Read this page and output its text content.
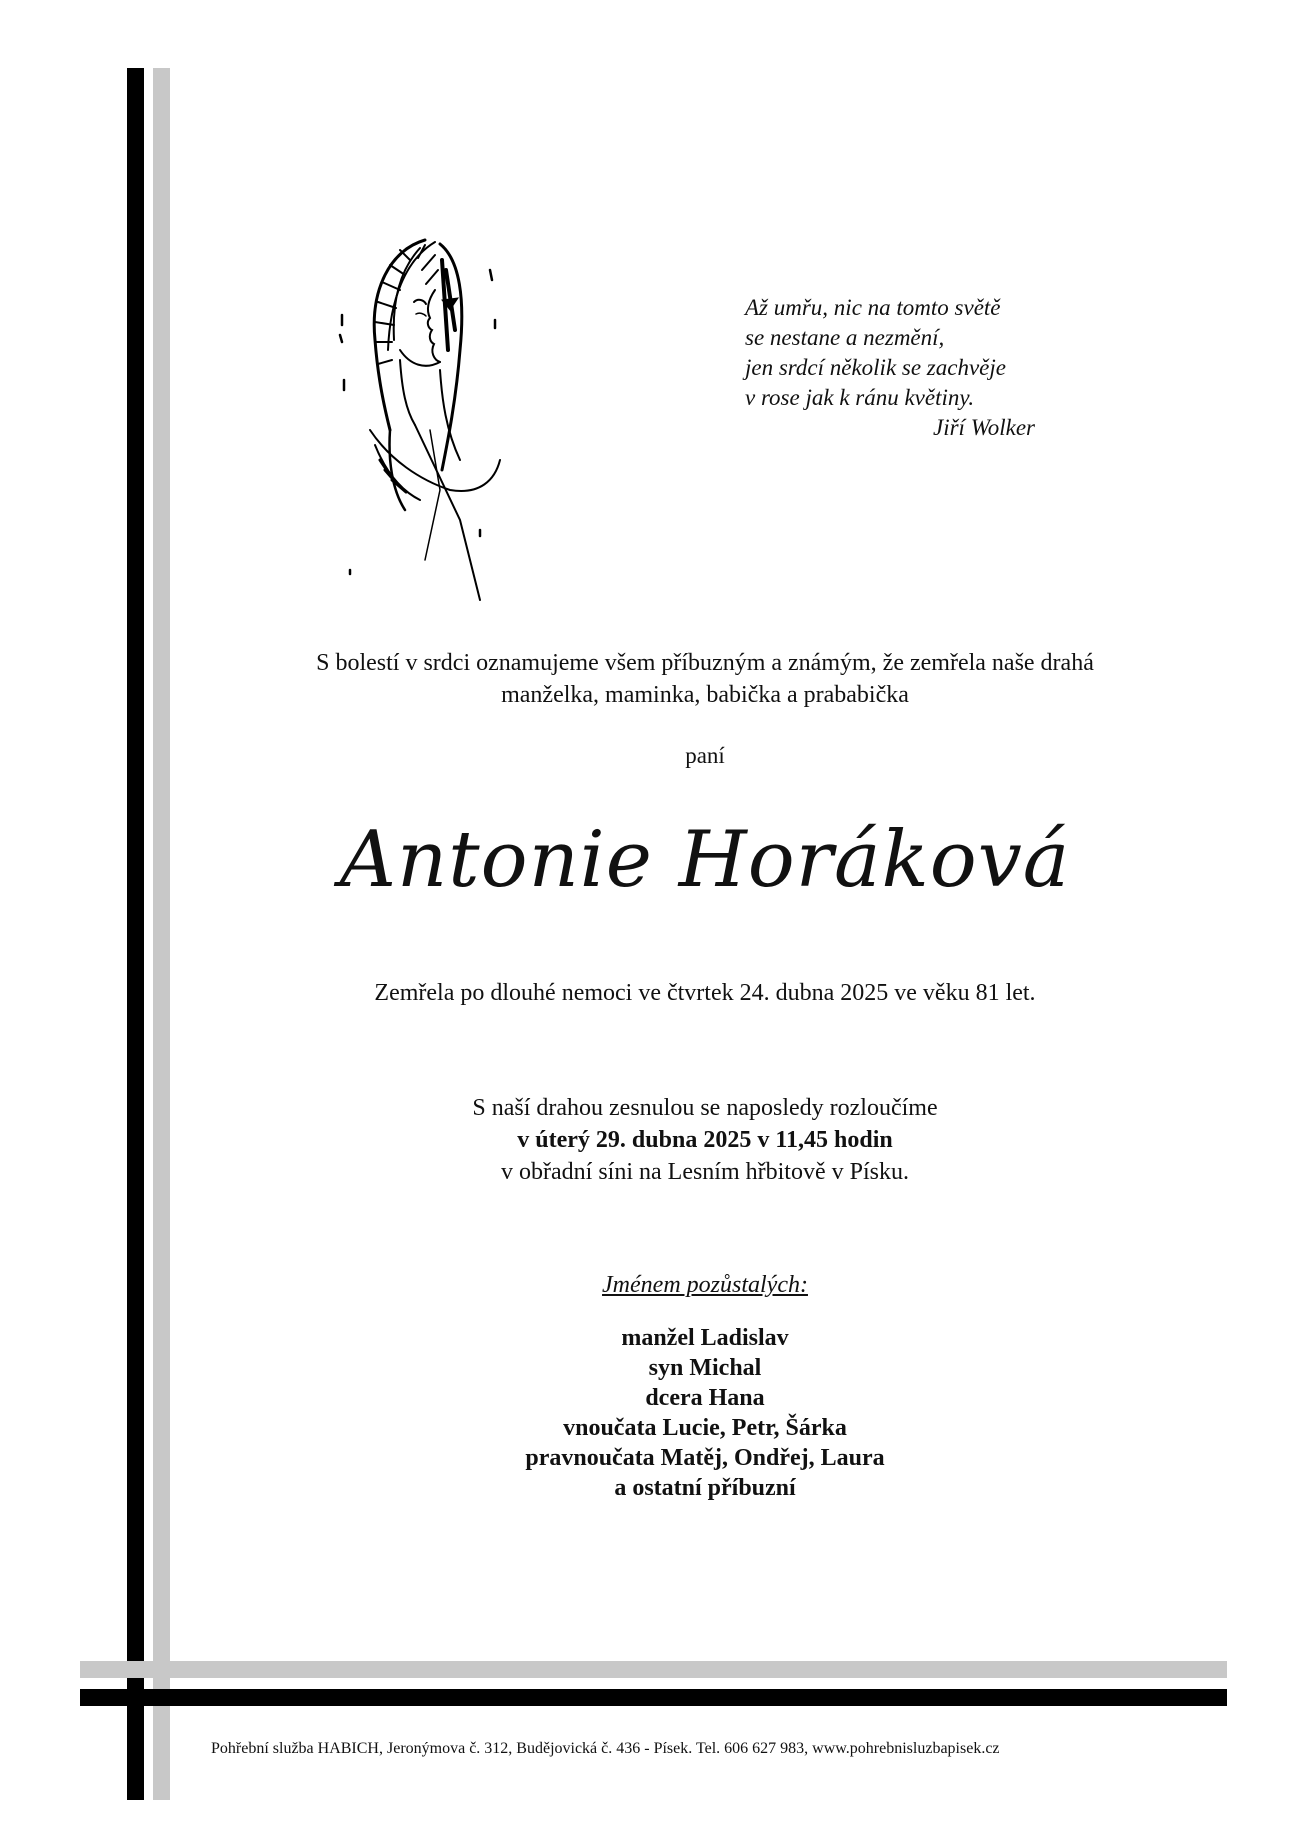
Až umřu, nic na tomto světě
se nestane a nezmění,
jen srdcí několik se zachvěje
v rose jak k ránu květiny.
Jiří Wolker
S bolestí v srdci oznamujeme všem příbuzným a známým, že zemřela naše drahá
manželka, maminka, babička a prababička
paní
Antonie Horáková
Zemřela po dlouhé nemoci ve čtvrtek 24. dubna 2025 ve věku 81 let.
S naší drahou zesnulou se naposledy rozloučíme
v úterý 29. dubna 2025 v 11,45 hodin
v obřadní síni na Lesním hřbitově v Písku.
Jménem pozůstalých:
manžel Ladislav
syn Michal
dcera Hana
vnoučata Lucie, Petr, Šárka
pravnoučata Matěj, Ondřej, Laura
a ostatní příbuzní
Pohřební služba HABICH, Jeronýmova č. 312, Budějovická č. 436 - Písek. Tel. 606 627 983, www.pohrebnisluzbapisek.cz
